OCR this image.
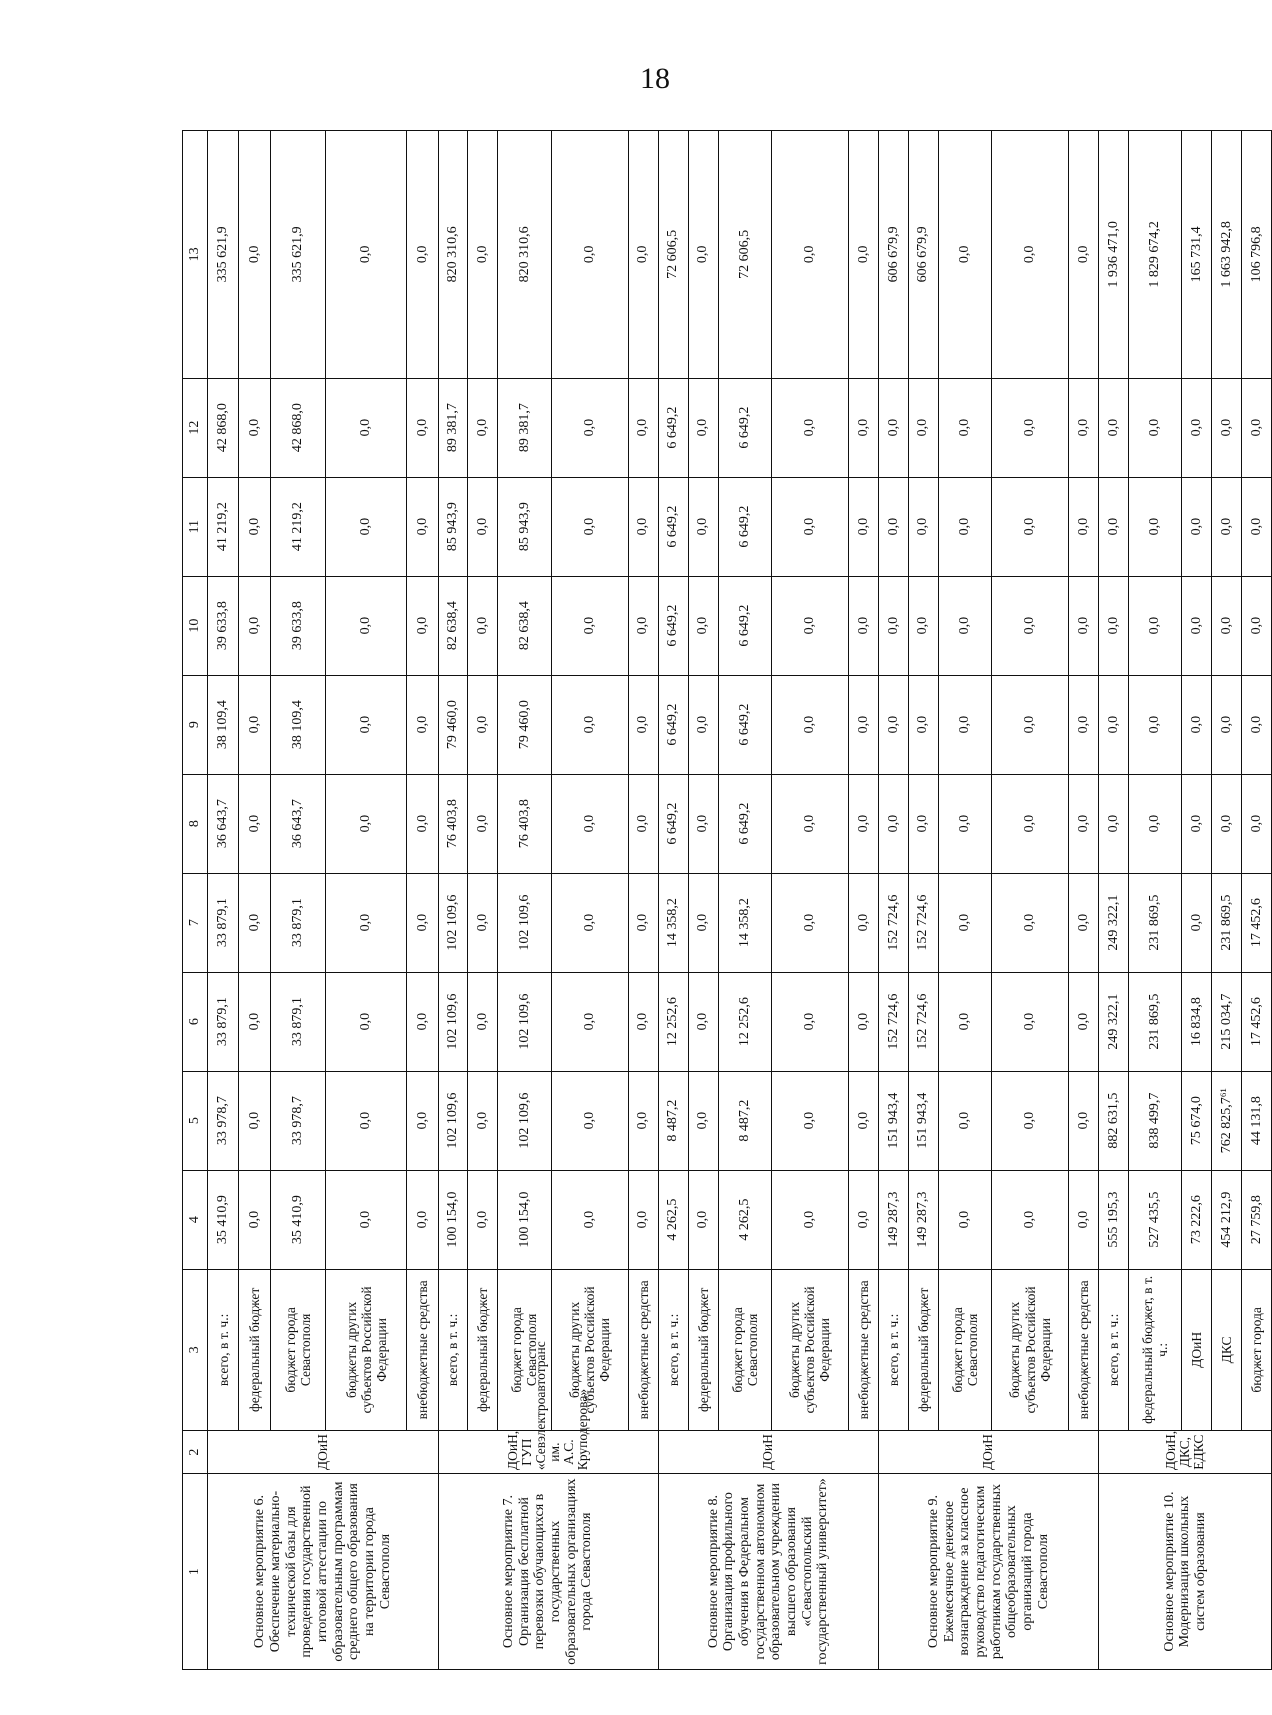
18
1	2	3	4	5	6	7	8	9	10	11	12	13
Основное мероприятие 6. Обеспечение материально-технической базы для проведения государственной итоговой аттестации по образовательным программам среднего общего образования на территории города Севастополя	ДОиН	всего, в т. ч.:	35 410,9	33 978,7	33 879,1	33 879,1	36 643,7	38 109,4	39 633,8	41 219,2	42 868,0	335 621,9
		федеральный бюджет	0,0	0,0	0,0	0,0	0,0	0,0	0,0	0,0	0,0	0,0
		бюджет города Севастополя	35 410,9	33 978,7	33 879,1	33 879,1	36 643,7	38 109,4	39 633,8	41 219,2	42 868,0	335 621,9
		бюджеты других субъектов Российской Федерации	0,0	0,0	0,0	0,0	0,0	0,0	0,0	0,0	0,0	0,0
		внебюджетные средства	0,0	0,0	0,0	0,0	0,0	0,0	0,0	0,0	0,0	0,0
Основное мероприятие 7. Организация бесплатной перевозки обучающихся в государственных образовательных организациях города Севастополя	ДОиН, ГУП «Севэлектроавтотранс им. А.С. Круподерова»	всего, в т. ч.:	100 154,0	102 109,6	102 109,6	102 109,6	76 403,8	79 460,0	82 638,4	85 943,9	89 381,7	820 310,6
		федеральный бюджет	0,0	0,0	0,0	0,0	0,0	0,0	0,0	0,0	0,0	0,0
		бюджет города Севастополя	100 154,0	102 109,6	102 109,6	102 109,6	76 403,8	79 460,0	82 638,4	85 943,9	89 381,7	820 310,6
		бюджеты других субъектов Российской Федерации	0,0	0,0	0,0	0,0	0,0	0,0	0,0	0,0	0,0	0,0
		внебюджетные средства	0,0	0,0	0,0	0,0	0,0	0,0	0,0	0,0	0,0	0,0
Основное мероприятие 8. Организация профильного обучения в Федеральном государственном автономном образовательном учреждении высшего образования «Севастопольский государственный университет»	ДОиН	всего, в т. ч.:	4 262,5	8 487,2	12 252,6	14 358,2	6 649,2	6 649,2	6 649,2	6 649,2	6 649,2	72 606,5
		федеральный бюджет	0,0	0,0	0,0	0,0	0,0	0,0	0,0	0,0	0,0	0,0
		бюджет города Севастополя	4 262,5	8 487,2	12 252,6	14 358,2	6 649,2	6 649,2	6 649,2	6 649,2	6 649,2	72 606,5
		бюджеты других субъектов Российской Федерации	0,0	0,0	0,0	0,0	0,0	0,0	0,0	0,0	0,0	0,0
		внебюджетные средства	0,0	0,0	0,0	0,0	0,0	0,0	0,0	0,0	0,0	0,0
Основное мероприятие 9. Ежемесячное денежное вознаграждение за классное руководство педагогическим работникам государственных общеобразовательных организаций города Севастополя	ДОиН	всего, в т. ч.:	149 287,3	151 943,4	152 724,6	152 724,6	0,0	0,0	0,0	0,0	0,0	606 679,9
		федеральный бюджет	149 287,3	151 943,4	152 724,6	152 724,6	0,0	0,0	0,0	0,0	0,0	606 679,9
		бюджет города Севастополя	0,0	0,0	0,0	0,0	0,0	0,0	0,0	0,0	0,0	0,0
		бюджеты других субъектов Российской Федерации	0,0	0,0	0,0	0,0	0,0	0,0	0,0	0,0	0,0	0,0
		внебюджетные средства	0,0	0,0	0,0	0,0	0,0	0,0	0,0	0,0	0,0	0,0
Основное мероприятие 10. Модернизация школьных систем образования	ДОиН, ДКС, ЕДКС	всего, в т. ч.:	555 195,3	882 631,5	249 322,1	249 322,1	0,0	0,0	0,0	0,0	0,0	1 936 471,0
		федеральный бюджет, в т. ч.:	527 435,5	838 499,7	231 869,5	231 869,5	0,0	0,0	0,0	0,0	0,0	1 829 674,2
		ДОиН	73 222,6	75 674,0	16 834,8	0,0	0,0	0,0	0,0	0,0	0,0	165 731,4
		ДКС	454 212,9	762 825,7⁶¹	215 034,7	231 869,5	0,0	0,0	0,0	0,0	0,0	1 663 942,8
		бюджет города	27 759,8	44 131,8	17 452,6	17 452,6	0,0	0,0	0,0	0,0	0,0	106 796,8
